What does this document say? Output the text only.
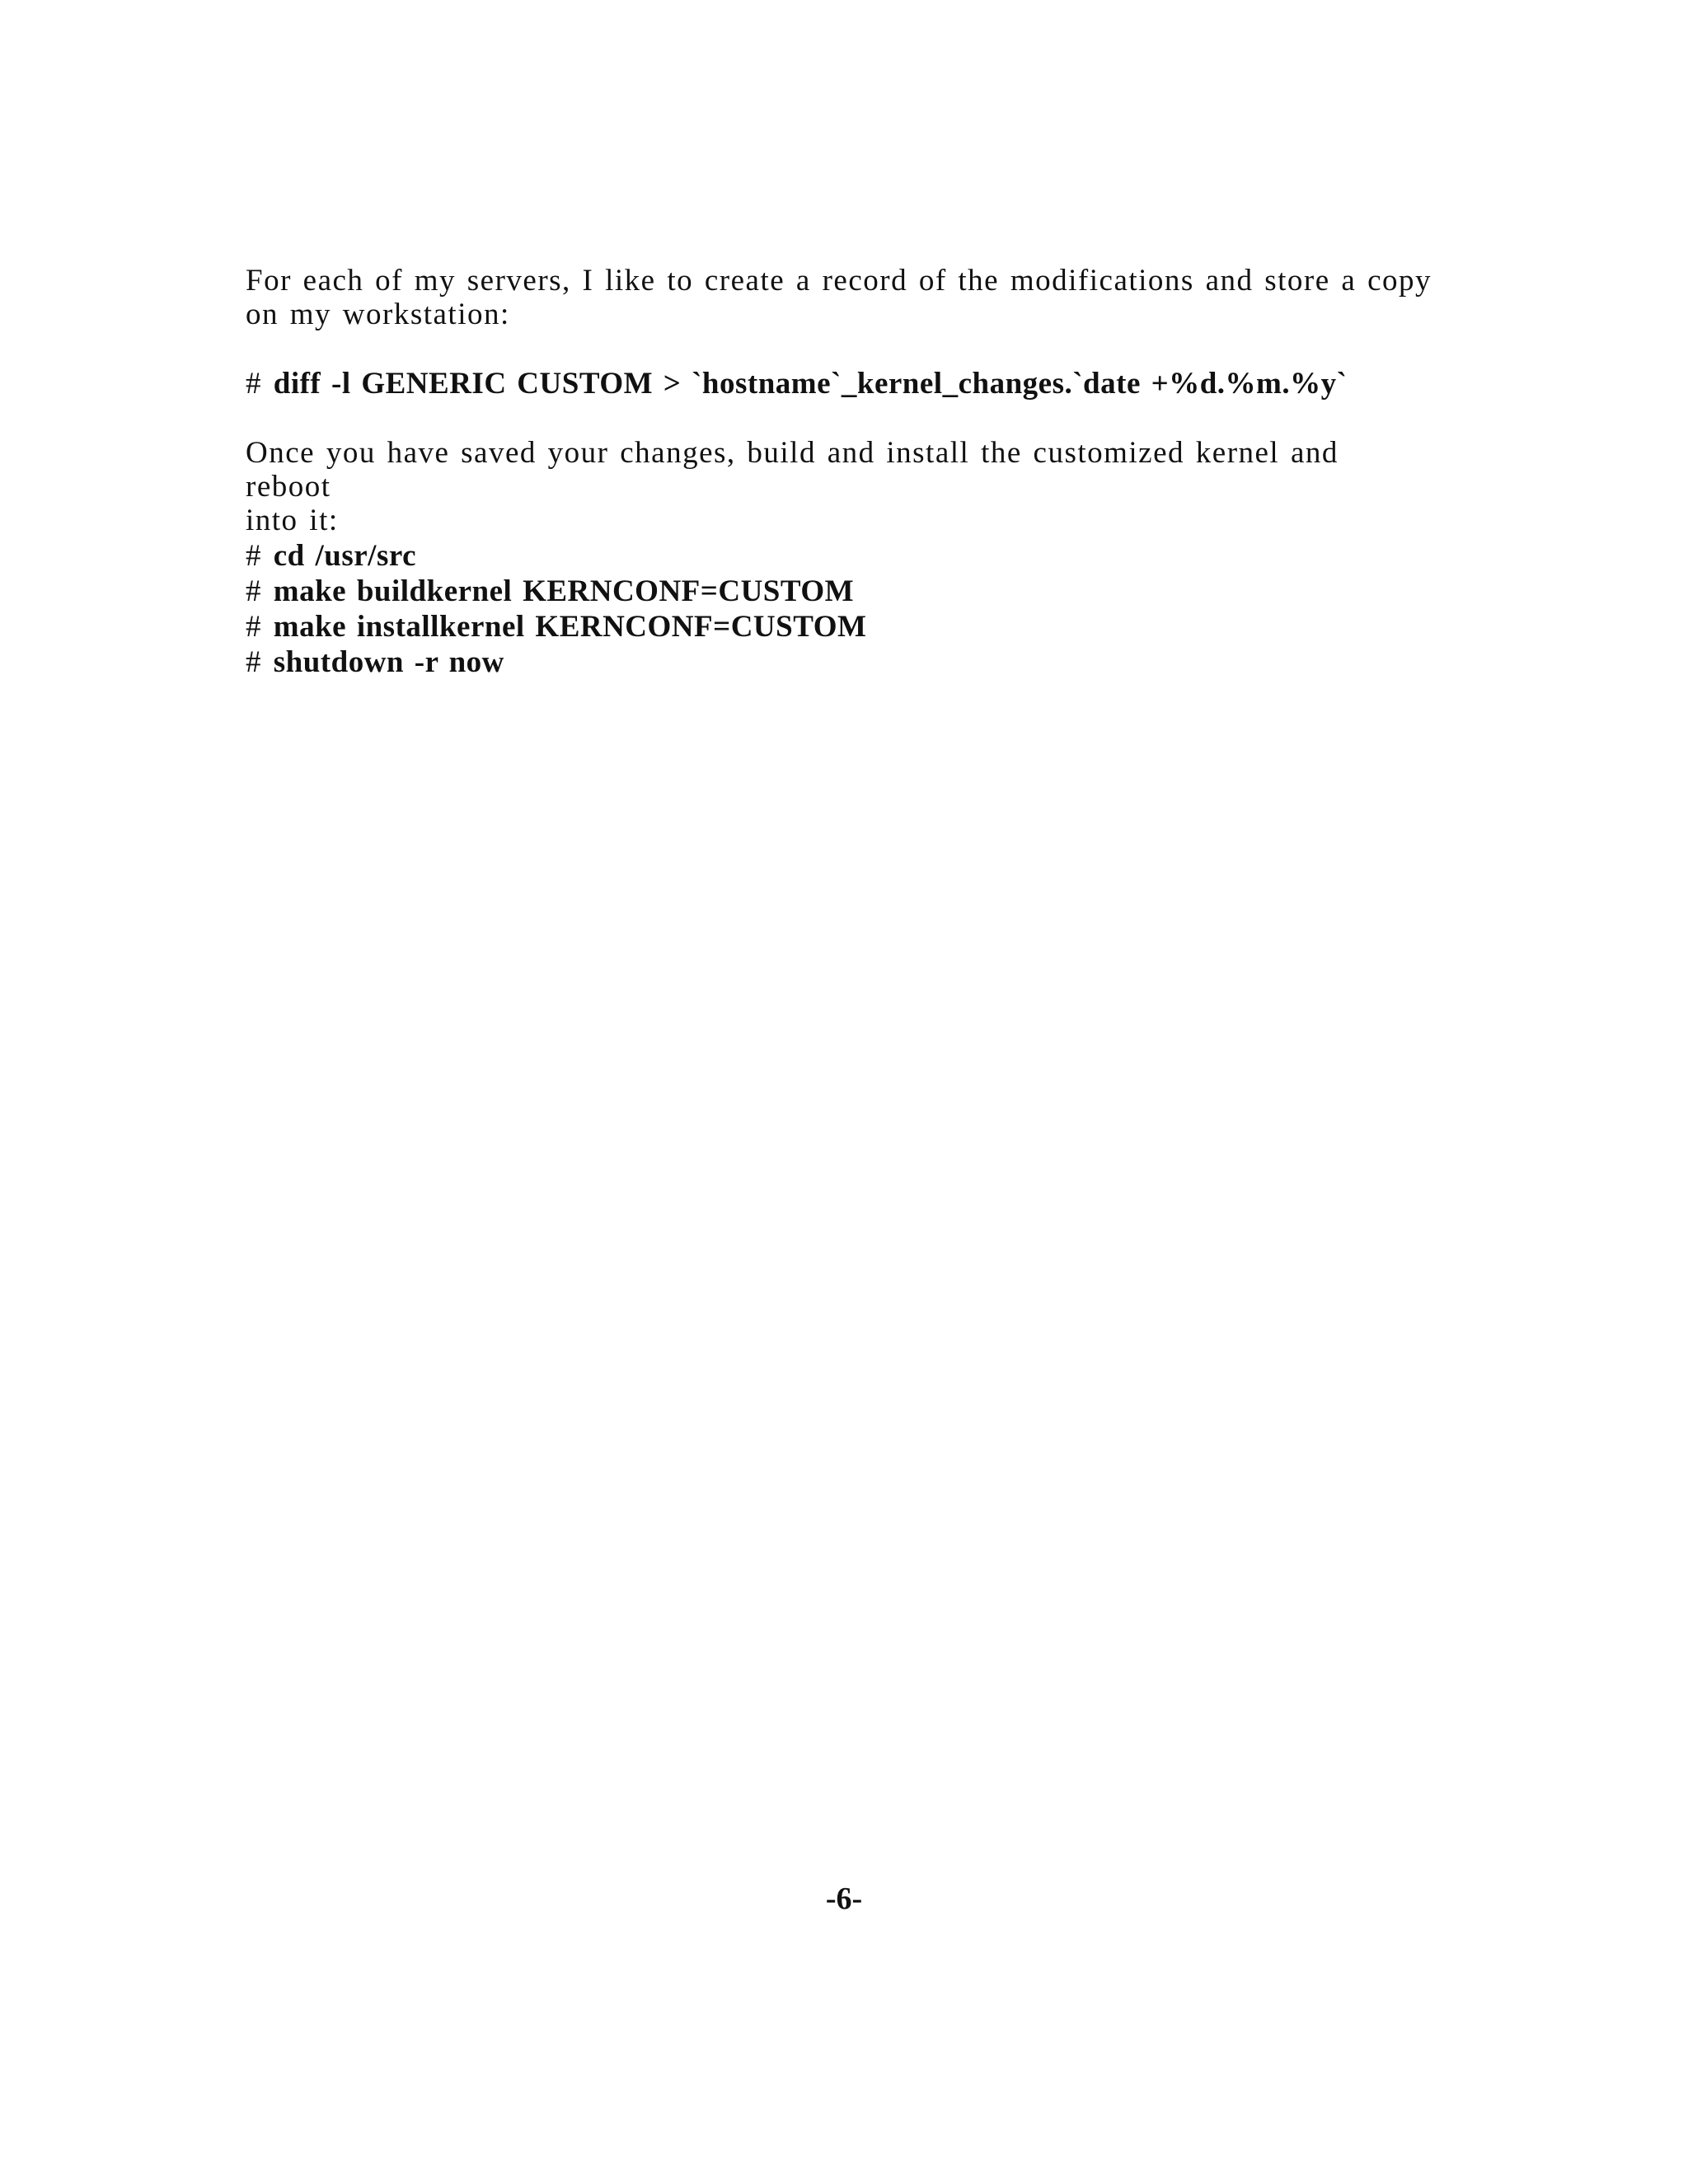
For each of my servers, I like to create a record of the modifications and store a copy
on my workstation:

# diff -l GENERIC CUSTOM > `hostname`_kernel_changes.`date +%d.%m.%y`

Once you have saved your changes, build and install the customized kernel and reboot
into it:

# cd /usr/src
# make buildkernel KERNCONF=CUSTOM
# make installkernel KERNCONF=CUSTOM
# shutdown -r now
-6-
